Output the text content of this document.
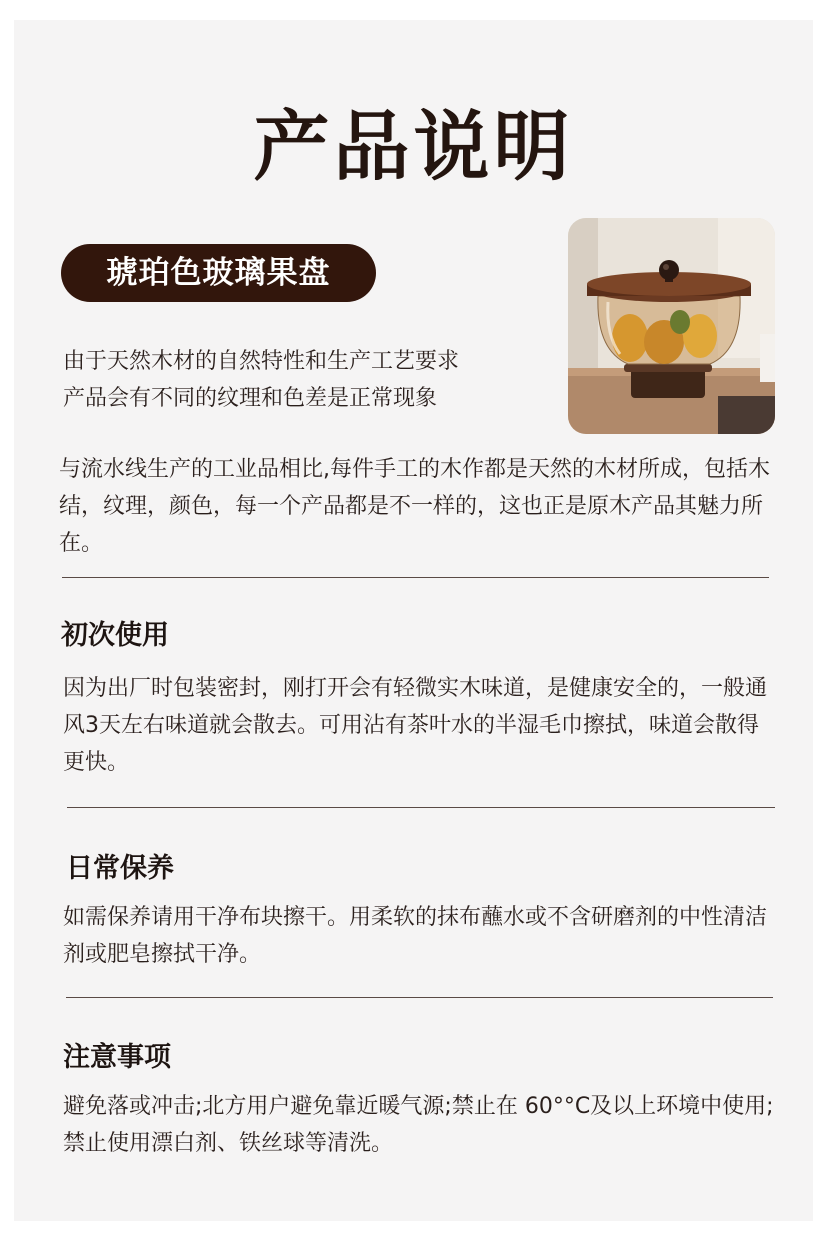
产品说明
琥珀色玻璃果盘
由于天然木材的自然特性和生产工艺要求
产品会有不同的纹理和色差是正常现象

与流水线生产的工业品相比,每件手工的木作都是天然的木材所成，包括木结，纹理，颜色，每一个产品都是不一样的，这也正是原木产品其魅力所在。

初次使用

因为出厂时包装密封，刚打开会有轻微实木味道，是健康安全的，一般通风3天左右味道就会散去。可用沾有茶叶水的半湿毛巾擦拭，味道会散得更快。

日常保养

如需保养请用干净布块擦干。用柔软的抹布蘸水或不含研磨剂的中性清洁剂或肥皂擦拭干净。

注意事项

避免落或冲击;北方用户避免靠近暖气源;禁止在 60°°C及以上环境中使用;禁止使用漂白剂、铁丝球等清洗。
